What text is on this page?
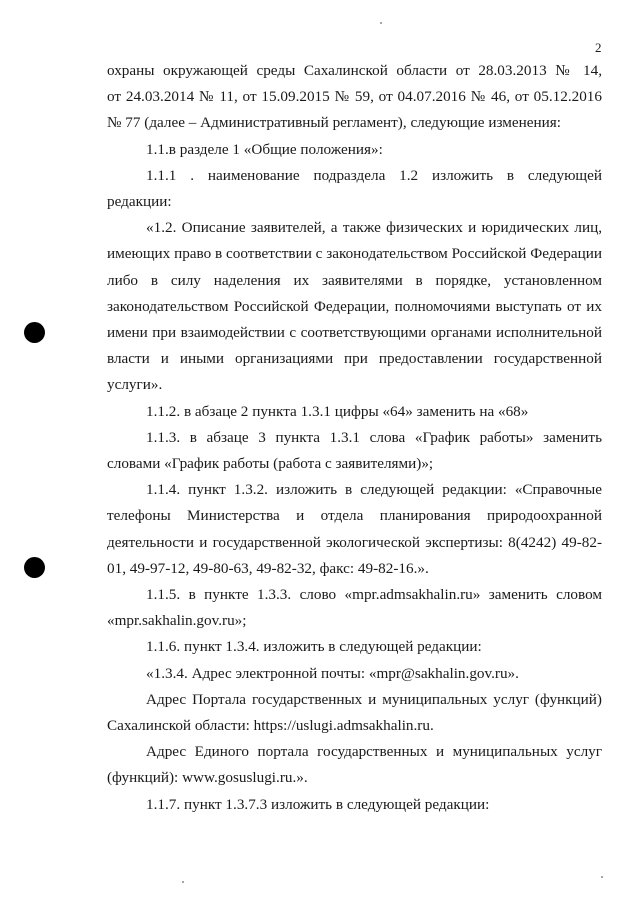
2

охраны окружающей среды Сахалинской области от 28.03.2013 № 14,

от 24.03.2014 № 11, от 15.09.2015 № 59, от 04.07.2016 № 46, от 05.12.2016

№ 77 (далее – Административный регламент), следующие изменения:

1.1.в разделе 1 «Общие положения»:

1.1.1 . наименование подраздела 1.2 изложить в следующей

редакции:

«1.2. Описание заявителей, а также физических и юридических лиц,

имеющих право в соответствии с законодательством Российской Федерации

либо в силу наделения их заявителями в порядке, установленном

законодательством Российской Федерации, полномочиями выступать от их

имени при взаимодействии с соответствующими органами исполнительной

власти и иными организациями при предоставлении государственной

услуги».

1.1.2. в абзаце 2 пункта 1.3.1 цифры «64» заменить на «68»

1.1.3. в абзаце 3 пункта 1.3.1 слова «График работы» заменить

словами «График работы (работа с заявителями)»;

1.1.4. пункт 1.3.2. изложить в следующей редакции: «Справочные

телефоны Министерства и отдела планирования природоохранной

деятельности и государственной экологической экспертизы: 8(4242) 49-82-

01, 49-97-12, 49-80-63, 49-82-32, факс: 49-82-16.».

1.1.5. в пункте 1.3.3. слово «mpr.admsakhalin.ru» заменить словом

«mpr.sakhalin.gov.ru»;

1.1.6. пункт 1.3.4. изложить в следующей редакции:

«1.3.4. Адрес электронной почты: «mpr@sakhalin.gov.ru».

Адрес Портала государственных и муниципальных услуг (функций)

Сахалинской области: https://uslugi.admsakhalin.ru.

Адрес Единого портала государственных и муниципальных услуг

(функций): www.gosuslugi.ru.».

1.1.7. пункт 1.3.7.3 изложить в следующей редакции:
